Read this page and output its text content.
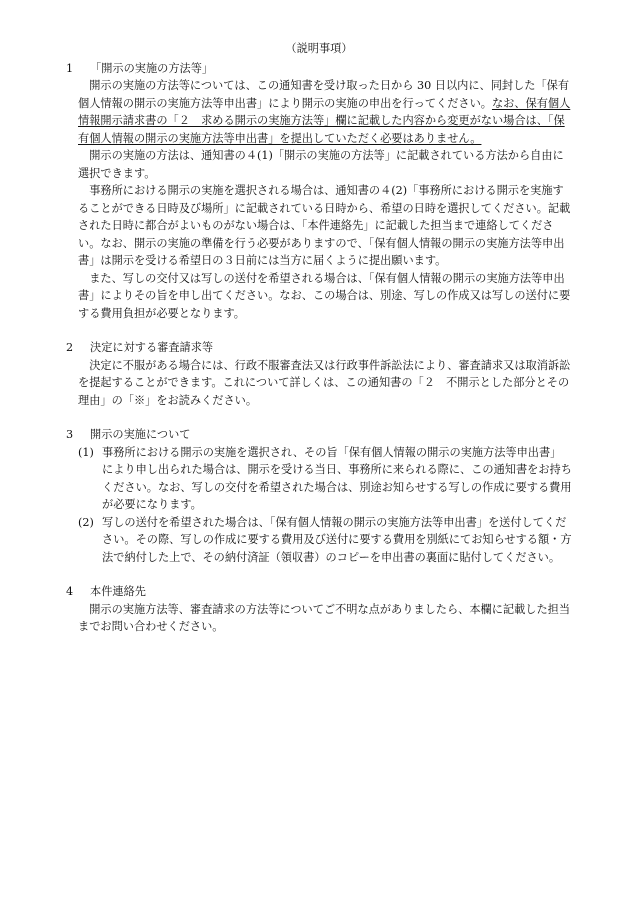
（説明事項）
1	「開示の実施の方法等」
開示の実施の方法等については、この通知書を受け取った日から 30 日以内に、同封した「保有個人情報の開示の実施方法等申出書」により開示の実施の申出を行ってください。なお、保有個人情報開示請求書の「２　求める開示の実施方法等」欄に記載した内容から変更がない場合は、「保有個人情報の開示の実施方法等申出書」を提出していただく必要はありません。
開示の実施の方法は、通知書の４(1)「開示の実施の方法等」に記載されている方法から自由に選択できます。
事務所における開示の実施を選択される場合は、通知書の４(2)「事務所における開示を実施することができる日時及び場所」に記載されている日時から、希望の日時を選択してください。記載された日時に都合がよいものがない場合は、「本件連絡先」に記載した担当まで連絡してください。なお、開示の実施の準備を行う必要がありますので、「保有個人情報の開示の実施方法等申出書」は開示を受ける希望日の３日前には当方に届くように提出願います。
また、写しの交付又は写しの送付を希望される場合は、「保有個人情報の開示の実施方法等申出書」によりその旨を申し出てください。なお、この場合は、別途、写しの作成又は写しの送付に要する費用負担が必要となります。
2	決定に対する審査請求等
決定に不服がある場合には、行政不服審査法又は行政事件訴訟法により、審査請求又は取消訴訟を提起することができます。これについて詳しくは、この通知書の「２　不開示とした部分とその理由」の「※」をお読みください。
3	開示の実施について
(1) 事務所における開示の実施を選択され、その旨「保有個人情報の開示の実施方法等申出書」により申し出られた場合は、開示を受ける当日、事務所に来られる際に、この通知書をお持ちください。なお、写しの交付を希望された場合は、別途お知らせする写しの作成に要する費用が必要になります。
(2) 写しの送付を希望された場合は、「保有個人情報の開示の実施方法等申出書」を送付してください。その際、写しの作成に要する費用及び送付に要する費用を別紙にてお知らせする額・方法で納付した上で、その納付済証（領収書）のコピーを申出書の裏面に貼付してください。
4	本件連絡先
開示の実施方法等、審査請求の方法等についてご不明な点がありましたら、本欄に記載した担当までお問い合わせください。
